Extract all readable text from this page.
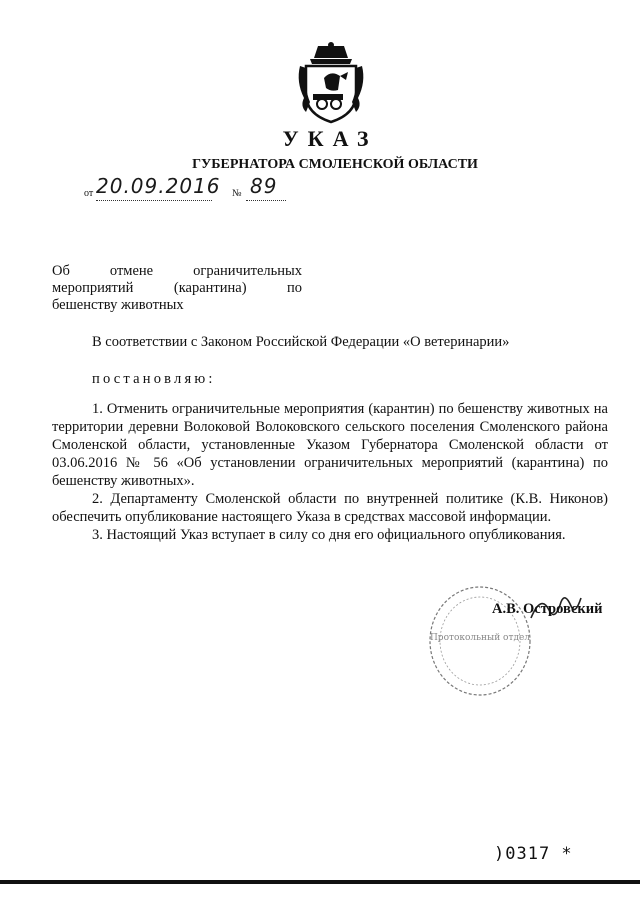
УКАЗ
ГУБЕРНАТОРА СМОЛЕНСКОЙ ОБЛАСТИ
от 20.09.2016 № 89
Об	отмене	ограничительных
мероприятий	(карантина)	по
бешенству животных
В соответствии с Законом Российской Федерации «О ветеринарии»
постановляю:

1. Отменить ограничительные мероприятия (карантин) по бешенству животных на территории деревни Волоковой Волоковского сельского поселения Смоленского района Смоленской области, установленные Указом Губернатора Смоленской области от 03.06.2016 № 56 «Об установлении ограничительных мероприятий (карантина) по бешенству животных».

2. Департаменту Смоленской области по внутренней политике (К.В. Никонов) обеспечить опубликование настоящего Указа в средствах массовой информации.

3. Настоящий Указ вступает в силу со дня его официального опубликования.

Протокольный отдел
А.В. Островский
)0317 *
